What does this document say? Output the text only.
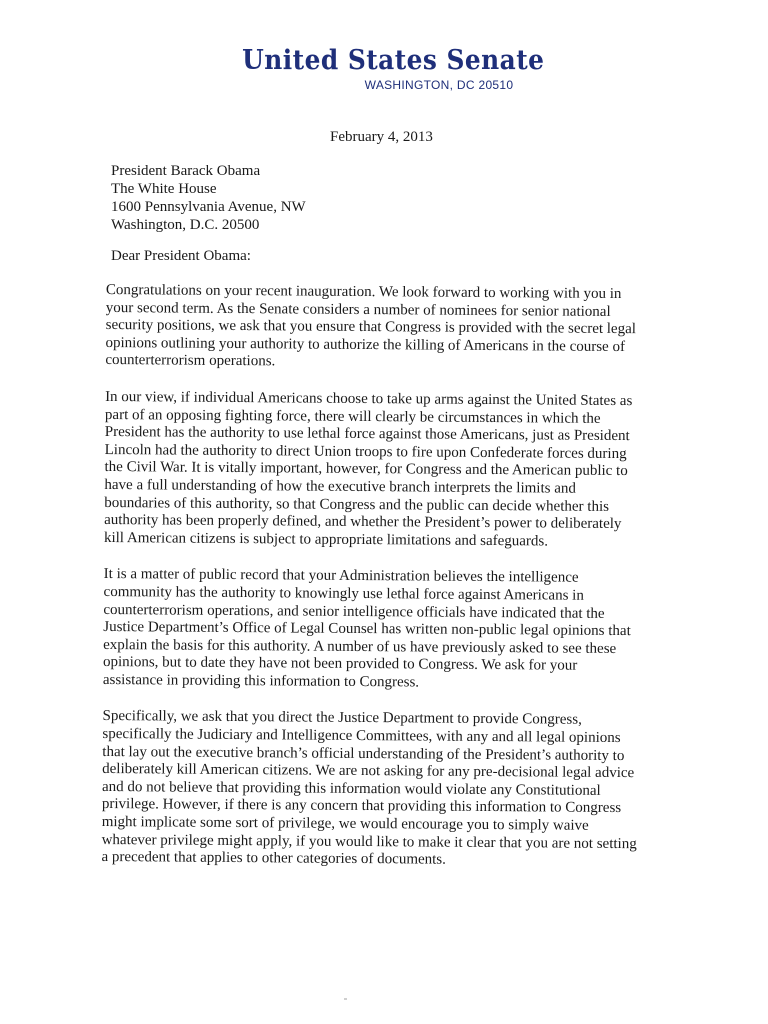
United States Senate
WASHINGTON, DC 20510
February 4, 2013
President Barack Obama
The White House
1600 Pennsylvania Avenue, NW
Washington, D.C. 20500
Dear President Obama:

Congratulations on your recent inauguration. We look forward to working with you in your second term. As the Senate considers a number of nominees for senior national security positions, we ask that you ensure that Congress is provided with the secret legal opinions outlining your authority to authorize the killing of Americans in the course of counterterrorism operations.

In our view, if individual Americans choose to take up arms against the United States as part of an opposing fighting force, there will clearly be circumstances in which the President has the authority to use lethal force against those Americans, just as President Lincoln had the authority to direct Union troops to fire upon Confederate forces during the Civil War. It is vitally important, however, for Congress and the American public to have a full understanding of how the executive branch interprets the limits and boundaries of this authority, so that Congress and the public can decide whether this authority has been properly defined, and whether the President’s power to deliberately kill American citizens is subject to appropriate limitations and safeguards.

It is a matter of public record that your Administration believes the intelligence community has the authority to knowingly use lethal force against Americans in counterterrorism operations, and senior intelligence officials have indicated that the Justice Department’s Office of Legal Counsel has written non-public legal opinions that explain the basis for this authority. A number of us have previously asked to see these opinions, but to date they have not been provided to Congress. We ask for your assistance in providing this information to Congress.

Specifically, we ask that you direct the Justice Department to provide Congress, specifically the Judiciary and Intelligence Committees, with any and all legal opinions that lay out the executive branch’s official understanding of the President’s authority to deliberately kill American citizens. We are not asking for any pre-decisional legal advice and do not believe that providing this information would violate any Constitutional privilege. However, if there is any concern that providing this information to Congress might implicate some sort of privilege, we would encourage you to simply waive whatever privilege might apply, if you would like to make it clear that you are not setting a precedent that applies to other categories of documents.
